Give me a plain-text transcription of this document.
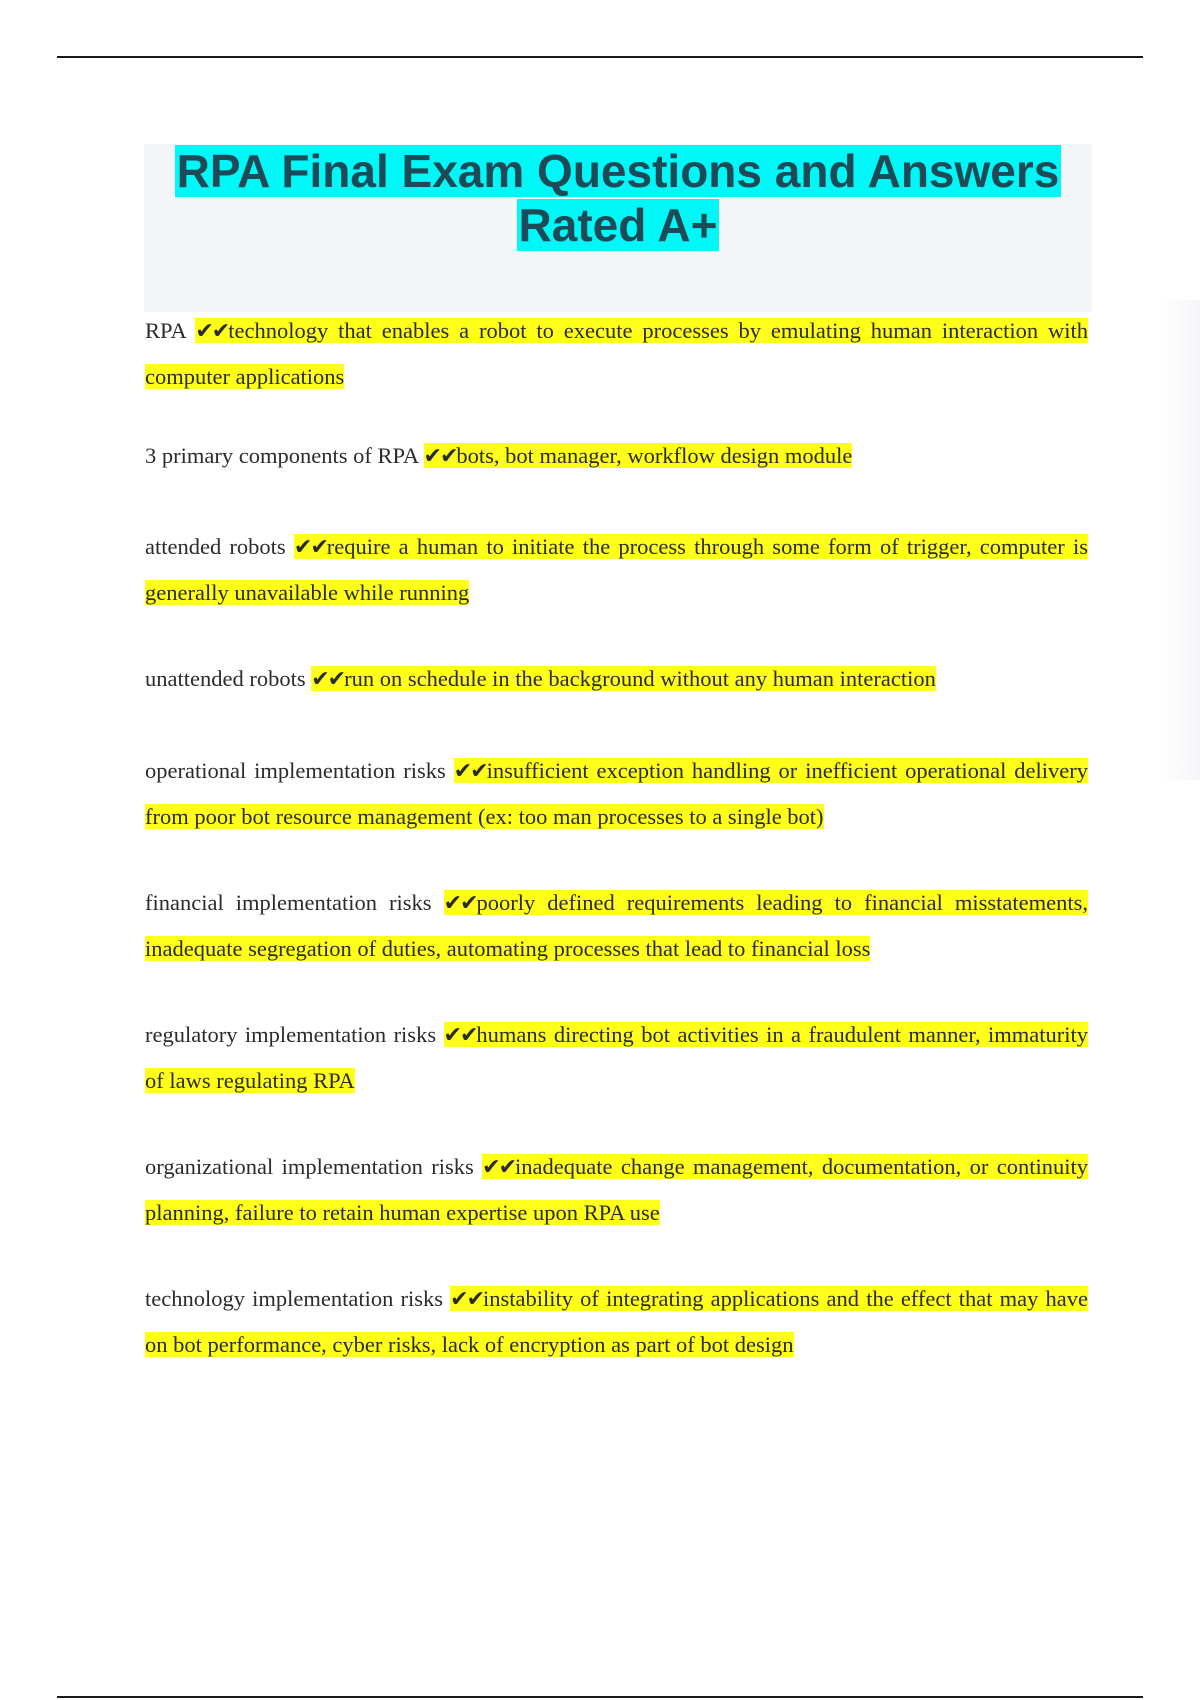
RPA Final Exam Questions and Answers
Rated A+

RPA ✔✔technology that enables a robot to execute processes by emulating human interaction with computer applications

3 primary components of RPA ✔✔bots, bot manager, workflow design module

attended robots ✔✔require a human to initiate the process through some form of trigger, computer is generally unavailable while running

unattended robots ✔✔run on schedule in the background without any human interaction

operational implementation risks ✔✔insufficient exception handling or inefficient operational delivery from poor bot resource management (ex: too man processes to a single bot)

financial implementation risks ✔✔poorly defined requirements leading to financial misstatements, inadequate segregation of duties, automating processes that lead to financial loss

regulatory implementation risks ✔✔humans directing bot activities in a fraudulent manner, immaturity of laws regulating RPA

organizational implementation risks ✔✔inadequate change management, documentation, or continuity planning, failure to retain human expertise upon RPA use

technology implementation risks ✔✔instability of integrating applications and the effect that may have on bot performance, cyber risks, lack of encryption as part of bot design
